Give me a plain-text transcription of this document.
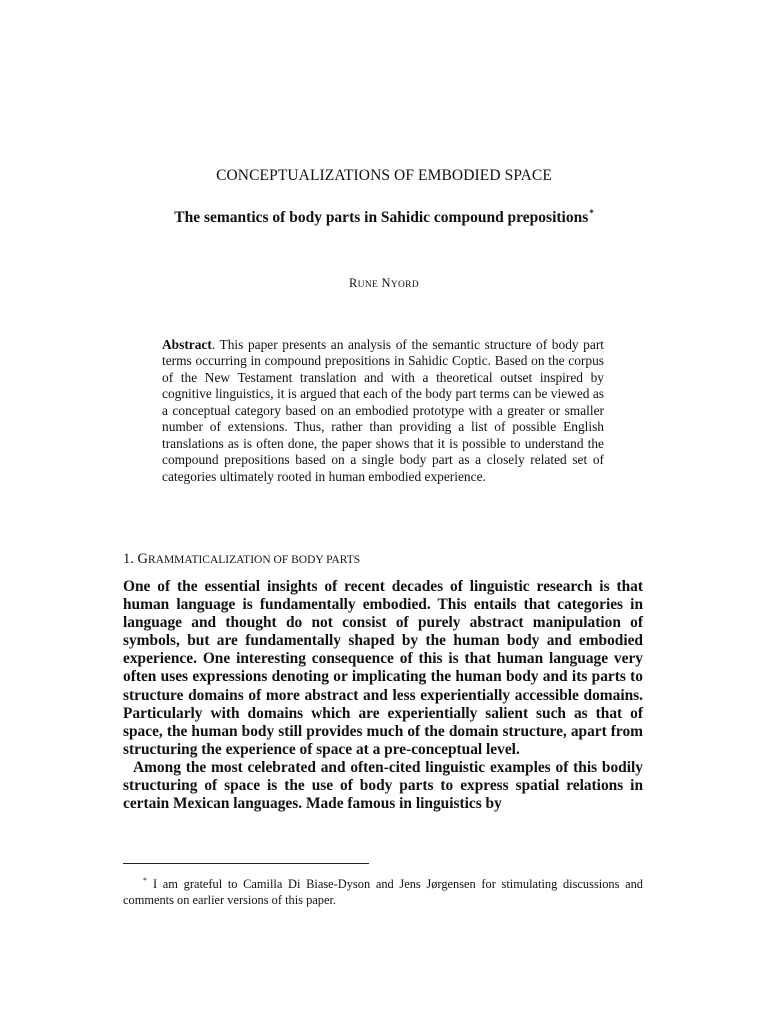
CONCEPTUALIZATIONS OF EMBODIED SPACE
The semantics of body parts in Sahidic compound prepositions*
RUNE NYORD
Abstract. This paper presents an analysis of the semantic structure of body part terms occurring in compound prepositions in Sahidic Coptic. Based on the corpus of the New Testament translation and with a theoretical outset inspired by cognitive linguistics, it is argued that each of the body part terms can be viewed as a conceptual category based on an embodied prototype with a greater or smaller number of extensions. Thus, rather than providing a list of possible English translations as is often done, the paper shows that it is possible to understand the compound prepositions based on a single body part as a closely related set of categories ultimately rooted in human embodied experience.
1. GRAMMATICALIZATION OF BODY PARTS

One of the essential insights of recent decades of linguistic research is that human language is fundamentally embodied. This entails that categories in language and thought do not consist of purely abstract manipulation of symbols, but are fundamentally shaped by the human body and embodied experience. One interesting consequence of this is that human language very often uses expressions denoting or implicating the human body and its parts to structure domains of more abstract and less experientially accessible domains. Particularly with domains which are experientially salient such as that of space, the human body still provides much of the domain structure, apart from structuring the experience of space at a pre-conceptual level.

Among the most celebrated and often-cited linguistic examples of this bodily structuring of space is the use of body parts to express spatial relations in certain Mexican languages. Made famous in linguistics by

* I am grateful to Camilla Di Biase-Dyson and Jens Jørgensen for stimulating discussions and comments on earlier versions of this paper.
